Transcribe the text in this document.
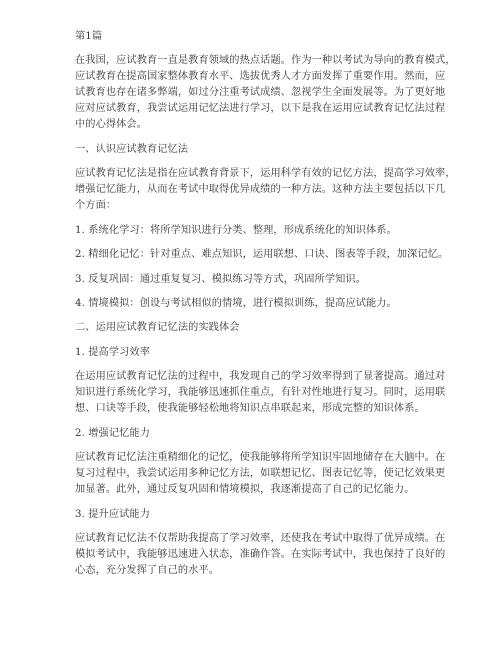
第1篇
在我国，应试教育一直是教育领域的热点话题。作为一种以考试为导向的教育模式，
应试教育在提高国家整体教育水平、选拔优秀人才方面发挥了重要作用。然而，应
试教育也存在诸多弊端，如过分注重考试成绩、忽视学生全面发展等。为了更好地
应对应试教育，我尝试运用记忆法进行学习，以下是我在运用应试教育记忆法过程
中的心得体会。
一、认识应试教育记忆法
应试教育记忆法是指在应试教育背景下，运用科学有效的记忆方法，提高学习效率，
增强记忆能力，从而在考试中取得优异成绩的一种方法。这种方法主要包括以下几
个方面：
1. 系统化学习：将所学知识进行分类、整理，形成系统化的知识体系。
2. 精细化记忆：针对重点、难点知识，运用联想、口诀、图表等手段，加深记忆。
3. 反复巩固：通过重复复习、模拟练习等方式，巩固所学知识。
4. 情境模拟：创设与考试相似的情境，进行模拟训练，提高应试能力。
二、运用应试教育记忆法的实践体会
1. 提高学习效率
在运用应试教育记忆法的过程中，我发现自己的学习效率得到了显著提高。通过对
知识进行系统化学习，我能够迅速抓住重点，有针对性地进行复习。同时，运用联
想、口诀等手段，使我能够轻松地将知识点串联起来，形成完整的知识体系。
2. 增强记忆能力
应试教育记忆法注重精细化的记忆，使我能够将所学知识牢固地储存在大脑中。在
复习过程中，我尝试运用多种记忆方法，如联想记忆、图表记忆等，使记忆效果更
加显著。此外，通过反复巩固和情境模拟，我逐渐提高了自己的记忆能力。
3. 提升应试能力
应试教育记忆法不仅帮助我提高了学习效率，还使我在考试中取得了优异成绩。在
模拟考试中，我能够迅速进入状态，准确作答。在实际考试中，我也保持了良好的
心态，充分发挥了自己的水平。
